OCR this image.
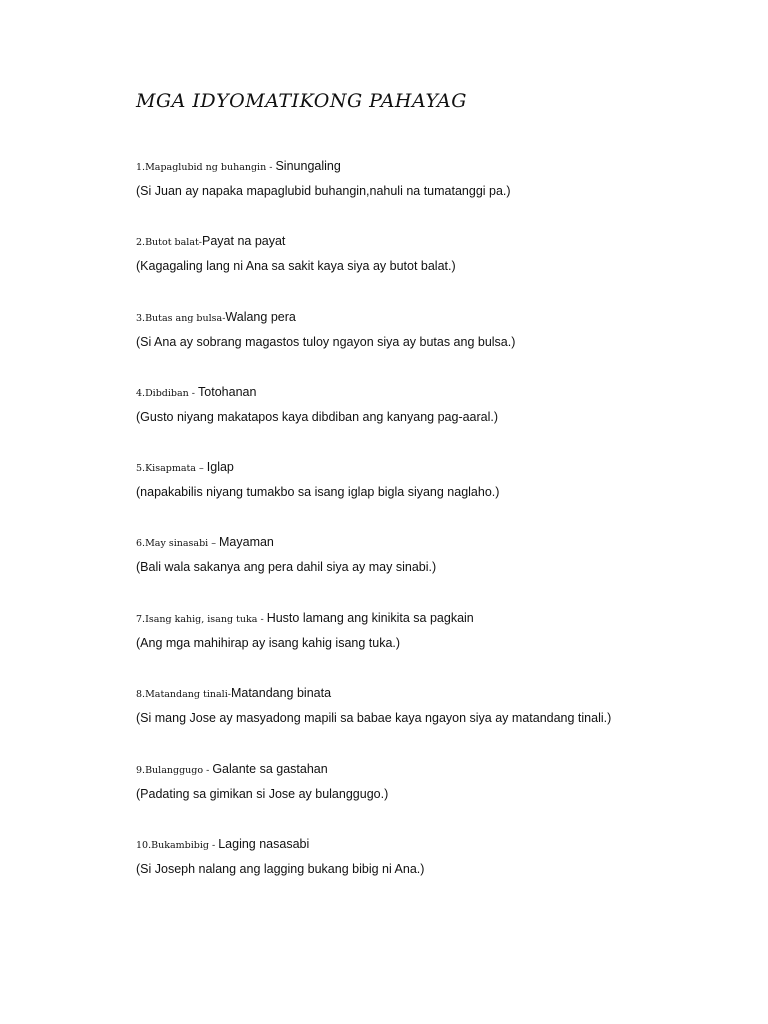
MGA IDYOMATIKONG PAHAYAG
1.Mapaglubid ng buhangin - Sinungaling
(Si Juan ay napaka mapaglubid buhangin,nahuli na tumatanggi pa.)
2.Butot balat-Payat na payat
(Kagagaling lang ni Ana sa sakit kaya siya ay butot balat.)
3.Butas ang bulsa-Walang pera
(Si Ana ay sobrang magastos tuloy ngayon siya ay butas ang bulsa.)
4.Dibdiban - Totohanan
(Gusto niyang makatapos kaya dibdiban ang kanyang pag-aaral.)
5.Kisapmata – Iglap
(napakabilis niyang tumakbo sa isang iglap bigla siyang naglaho.)
6.May sinasabi – Mayaman
(Bali wala sakanya ang pera dahil siya ay may sinabi.)
7.Isang kahig, isang tuka - Husto lamang ang kinikita sa pagkain
(Ang mga mahihirap ay isang kahig isang tuka.)
8.Matandang tinali-Matandang binata
(Si mang Jose ay masyadong mapili sa babae kaya ngayon siya ay matandang tinali.)
9.Bulanggugo - Galante sa gastahan
(Padating sa gimikan si Jose ay bulanggugo.)
10.Bukambibig - Laging nasasabi
(Si Joseph nalang ang lagging bukang bibig ni Ana.)
